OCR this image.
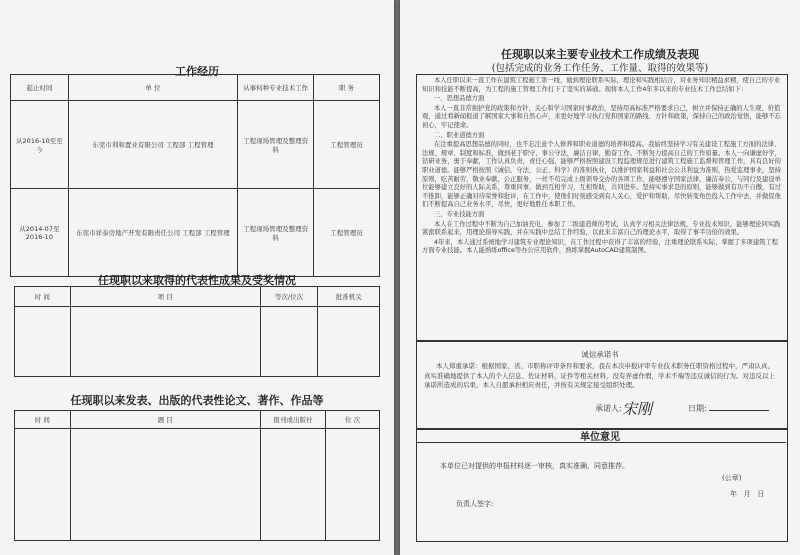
工作经历
起止时间	单 位	从事何种专业技术工作	职 务
从2016-10至至今	东莞市利和置业有限公司 工程部 工程管理	工程现场管理及整理资料	工程管理员
从2014-07至2016-10	东莞市祥泰房地产开发有限责任公司 工程部 工程管理	工程现场管理及整理资料	工程管理员
任现职以来取得的代表性成果及受奖情况
时 间	项 目	等次/位次	批准机关

任现职以来发表、出版的代表性论文、著作、作品等
时 间	题 目	报刊或出版社	位 次

任现职以来主要专业技术工作成绩及表现
(包括完成的业务工作任务、工作量、取得的效果等)

本人任职以来一直工作在建筑工程施工第一线，做到理论联系实际，理论和实践相结合，对业务知识精益求精，使自己的专业知识和技能不断提高，为工程的施工管理工作打下了坚实的基础。现将本人工作4年多以来的专业技术工作总结如下：

一、思想品德方面

本人一直非常拥护党的政策和方针，关心和学习国家时事政治，坚持用高标准严格要求自己，树立并保持正确的人生观、价值观，通过看新闻报道了解国家大事和自然心声，来更好地学习执行党和国家的路线、方针和政策，保持自己的政治觉悟，能够不忘初心，牢记使命。

二、职业道德方面

在注重提高思想品德的同时，也不忘注意个人修养和职业道德的培养和提高。我始终坚持学习有关建设工程施工方面的法律、法规、规章、制度和标准，做到老于职守，事公守法，廉洁自律，勤奋工作。不断努力提高自己的工作质量。本人一向谦虚好学，钻研业务，勇于奉献，工作认真负责，责任心强，能够严格按照建设工程监理规范进行建筑工程施工监督和管理工作，具有良好的职业道德。能够严格按照《诚信、守法、公正、科学》的准则执业，以维护国家利益和社会公共利益为准则，热爱监理事业，坚持原则，吃苦耐劳，敬业奉献，公正服务，一丝不苟完成上级领导交办的各项工作，能够遵守国家法律，廉洁奉公，与同行及建设单位能够建立良好的人际关系，尊重同事，做到互相学习，互相帮助，共同进步。坚持实事求是的原则，能够做到有功不自傲，有过不推卸，能够正确对待荣誉和批评，在工作中，使他们时刻感受到有人关心，爱护和帮助，尽快转变角色投入工作中去，并做促他们不断提高自己业务水平，尽快，更好地胜任本职工作。

三、专业技能方面

本人在工作过程中不断为自己加油充电，参加了二级建造师的考试，认真学习相关法律法规，专业技术知识，能够理论同实践紧密联系起来，用理论指导实践，并在实践中总结工作经验，以此来丰富自己的理论水平，取得了事半功倍的效果。

4年来，本人通过系统地学习建筑专业理论知识，在工作过程中获得了丰富的经验，注重理论联系实际，掌握了多项建筑工程方面专业技能。本人能熟练office等办公应用软件，熟练掌握AutoCAD建筑制图。

诚信承诺书
本人郑重承诺：根据国家、省、市职称评审条件和要求，我在本次申报评审专业技术职务任职资格过程中，严肃认真、真实准确地提供了本人的个人信息、佐证材料，证件等相关材料，没有弄虚作假，学术不端等违反诚信的行为。对违反以上承诺所造成的后果，本人自愿承担相应责任，并按有关规定接受组织处理。
承诺人: 宋刚	日期:
单位意见
本单位已对提供的申报材料逐一审核，真实准确，同意推荐。
(公章)
年   月   日
负责人签字:
